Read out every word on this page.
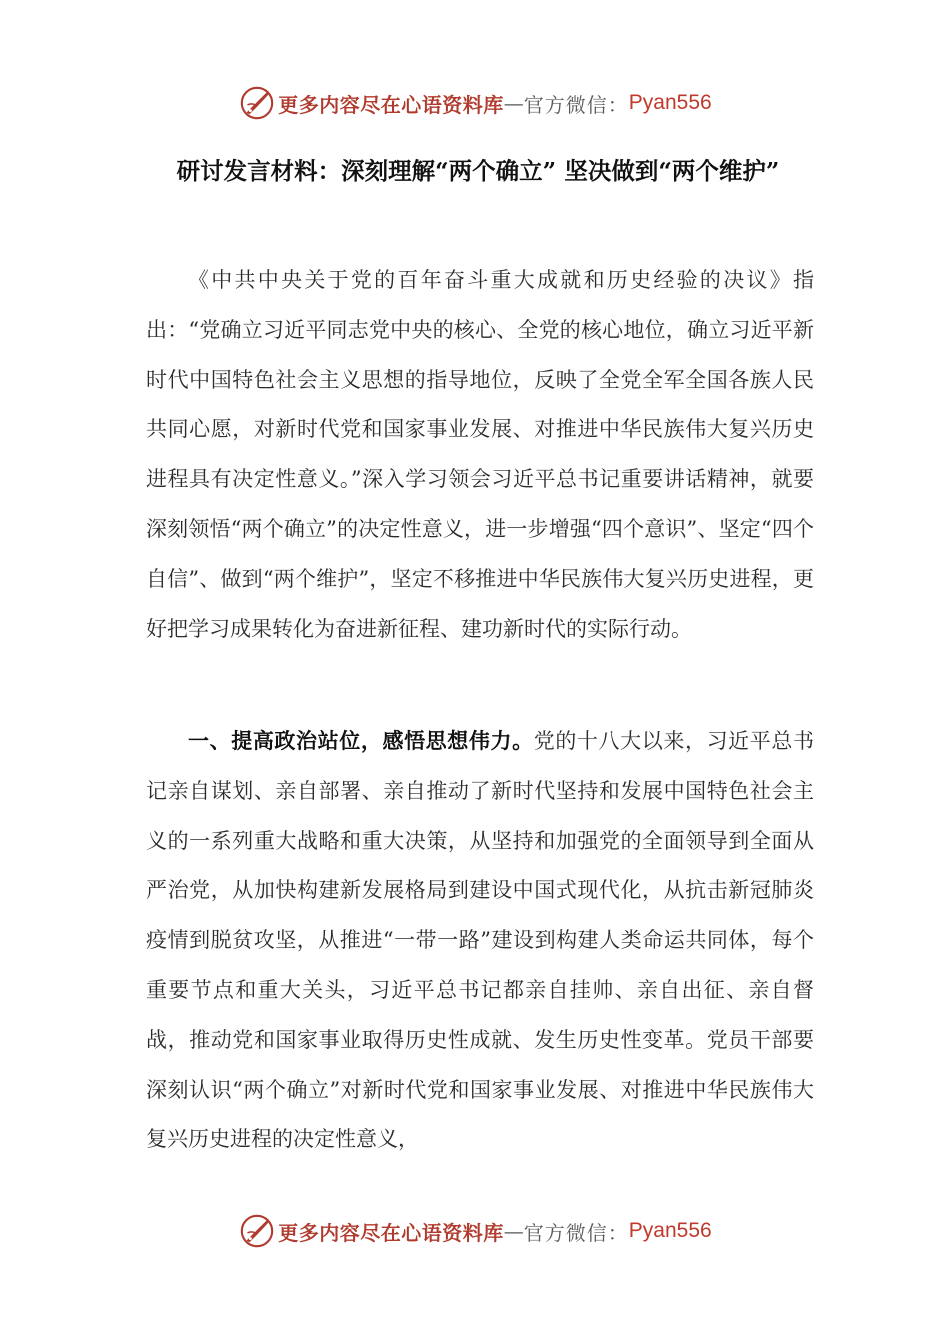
更多内容尽在心语资料库 — 官方微信： Pyan556
研讨发言材料：深刻理解“两个确立” 坚决做到“两个维护”

《中共中央关于党的百年奋斗重大成就和历史经验的决议》指出：“党确立习近平同志党中央的核心、全党的核心地位，确立习近平新时代中国特色社会主义思想的指导地位，反映了全党全军全国各族人民共同心愿，对新时代党和国家事业发展、对推进中华民族伟大复兴历史进程具有决定性意义。”深入学习领会习近平总书记重要讲话精神，就要深刻领悟“两个确立”的决定性意义，进一步增强“四个意识”、坚定“四个自信”、做到“两个维护”，坚定不移推进中华民族伟大复兴历史进程，更好把学习成果转化为奋进新征程、建功新时代的实际行动。

一、提高政治站位，感悟思想伟力。党的十八大以来，习近平总书记亲自谋划、亲自部署、亲自推动了新时代坚持和发展中国特色社会主义的一系列重大战略和重大决策，从坚持和加强党的全面领导到全面从严治党，从加快构建新发展格局到建设中国式现代化，从抗击新冠肺炎疫情到脱贫攻坚，从推进“一带一路”建设到构建人类命运共同体，每个重要节点和重大关头，习近平总书记都亲自挂帅、亲自出征、亲自督战，推动党和国家事业取得历史性成就、发生历史性变革。党员干部要深刻认识“两个确立”对新时代党和国家事业发展、对推进中华民族伟大复兴历史进程的决定性意义，

更多内容尽在心语资料库 — 官方微信： Pyan556
